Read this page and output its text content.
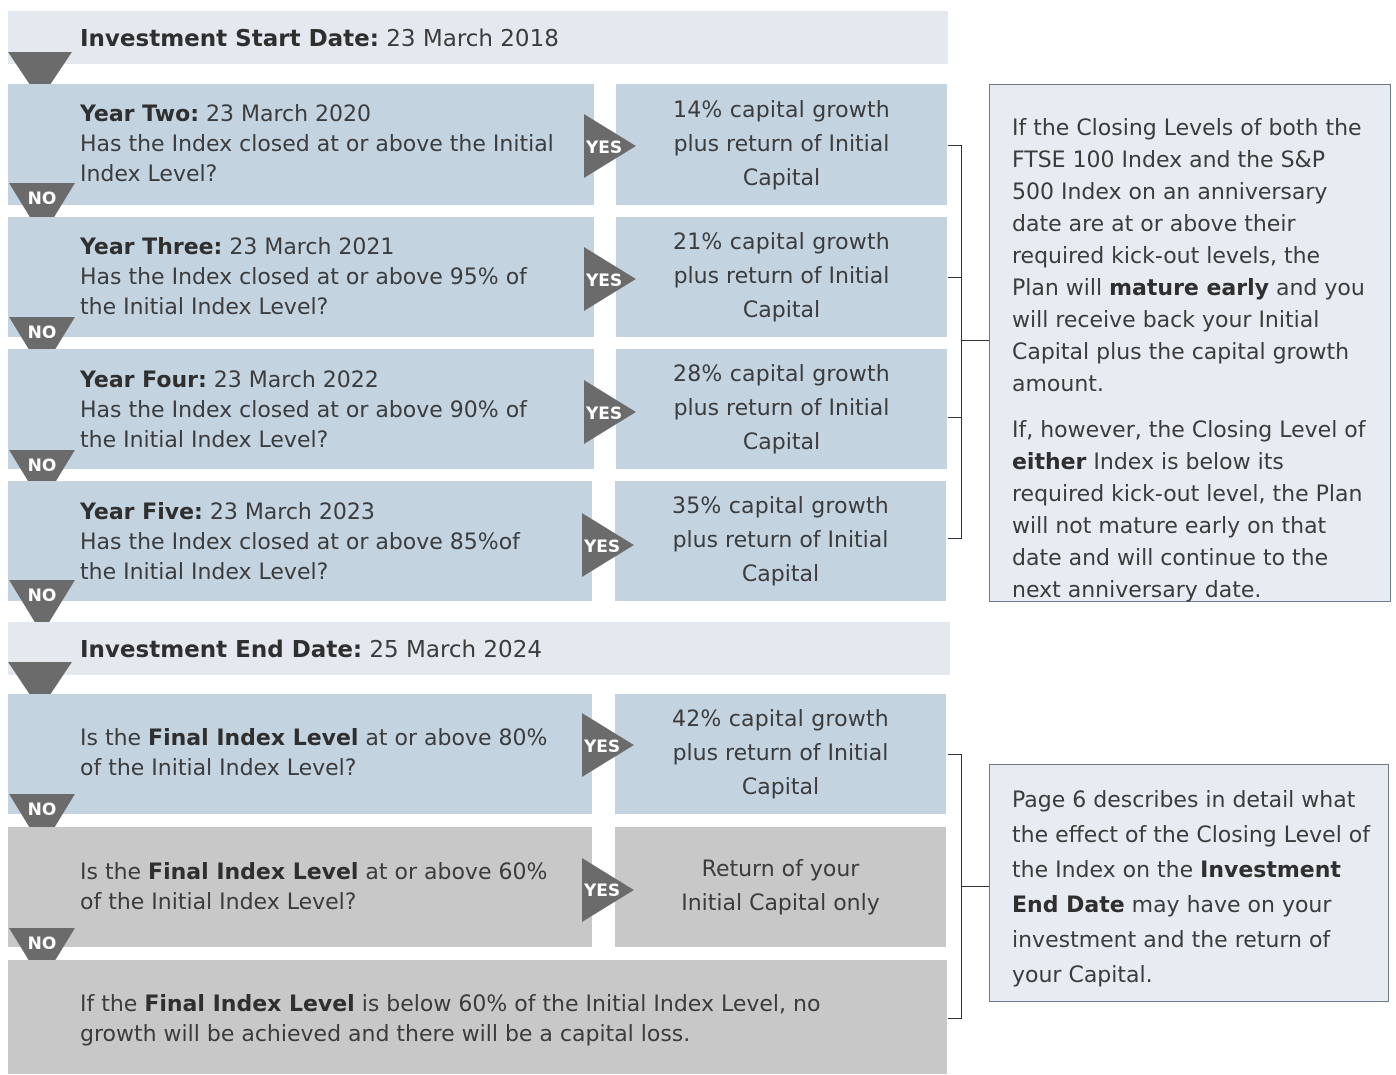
Investment Start Date: 23 March 2018
Year Two: 23 March 2020
Has the Index closed at or above the Initial Index Level?
14% capital growth
plus return of Initial
Capital
YES
NO
Year Three: 23 March 2021
Has the Index closed at or above 95% of the Initial Index Level?
21% capital growth
plus return of Initial
Capital
YES
NO
Year Four: 23 March 2022
Has the Index closed at or above 90% of the Initial Index Level?
28% capital growth
plus return of Initial
Capital
YES
NO
Year Five: 23 March 2023
Has the Index closed at or above 85%of the Initial Index Level?
35% capital growth
plus return of Initial
Capital
YES
NO
Investment End Date: 25 March 2024
Is the Final Index Level at or above 80% of the Initial Index Level?
42% capital growth
plus return of Initial
Capital
YES
NO
Is the Final Index Level at or above 60% of the Initial Index Level?
Return of your
Initial Capital only
YES
NO
If the Final Index Level is below 60% of the Initial Index Level, no growth will be achieved and there will be a capital loss.

If the Closing Levels of both the FTSE 100 Index and the S&P 500 Index on an anniversary date are at or above their required kick-out levels, the Plan will mature early and you will receive back your Initial Capital plus the capital growth amount.

If, however, the Closing Level of either Index is below its required kick-out level, the Plan will not mature early on that date and will continue to the next anniversary date.

Page 6 describes in detail what the effect of the Closing Level of the Index on the Investment End Date may have on your investment and the return of your Capital.
